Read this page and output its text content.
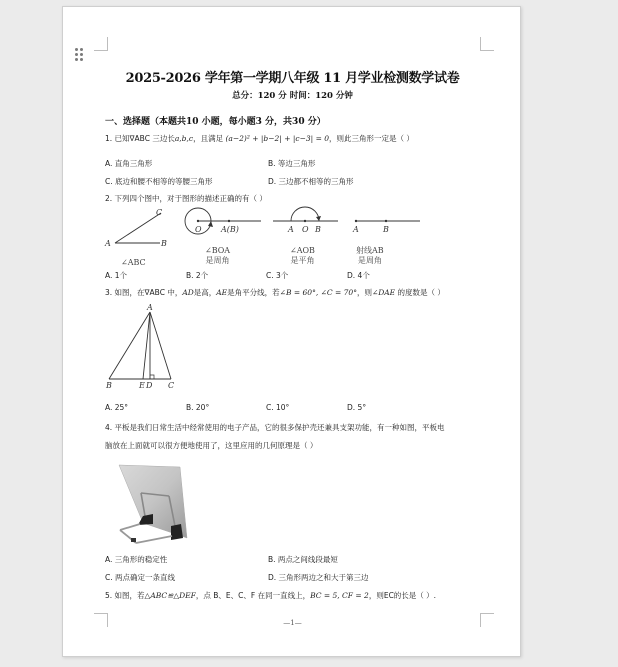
2025-2026 学年第一学期八年级 11 月学业检测数学试卷
总分：120 分 时间：120 分钟
一、选择题（本题共10 小题，每小题3 分，共30 分）
1. 已知∇ABC 三边长a,b,c，且满足 (a−2)² + |b−2| + |c−3| = 0，则此三角形一定是（ ）
A. 直角三角形	B. 等边三角形
C. 底边和腰不相等的等腰三角形	D. 三边都不相等的三角形
2. 下列四个图中，对于图形的描述正确的有（ ）
A	B
C
∠ABC
O A(B)
∠BOA
是周角
A O B
∠AOB
是平角
A	B
射线AB
是周角
A. 1个	B. 2个	C. 3个	D. 4个
3. 如图，在∇ABC 中，AD是高，AE是角平分线，若∠B = 60°, ∠C = 70°，则∠DAE 的度数是（ ）
A
B	E D C
A. 25°	B. 20°	C. 10°	D. 5°
4. 平板是我们日常生活中经常使用的电子产品，它的很多保护壳还兼具支架功能，有一种如图，平板电
脑放在上面就可以很方便地使用了，这里应用的几何原理是（ ）
A. 三角形的稳定性	B. 两点之间线段最短
C. 两点确定一条直线	D. 三角形两边之和大于第三边
5. 如图，若△ABC≌△DEF，点 B、E、C、F 在同一直线上，BC = 5, CF = 2，则EC的长是（ ）.
—1—
